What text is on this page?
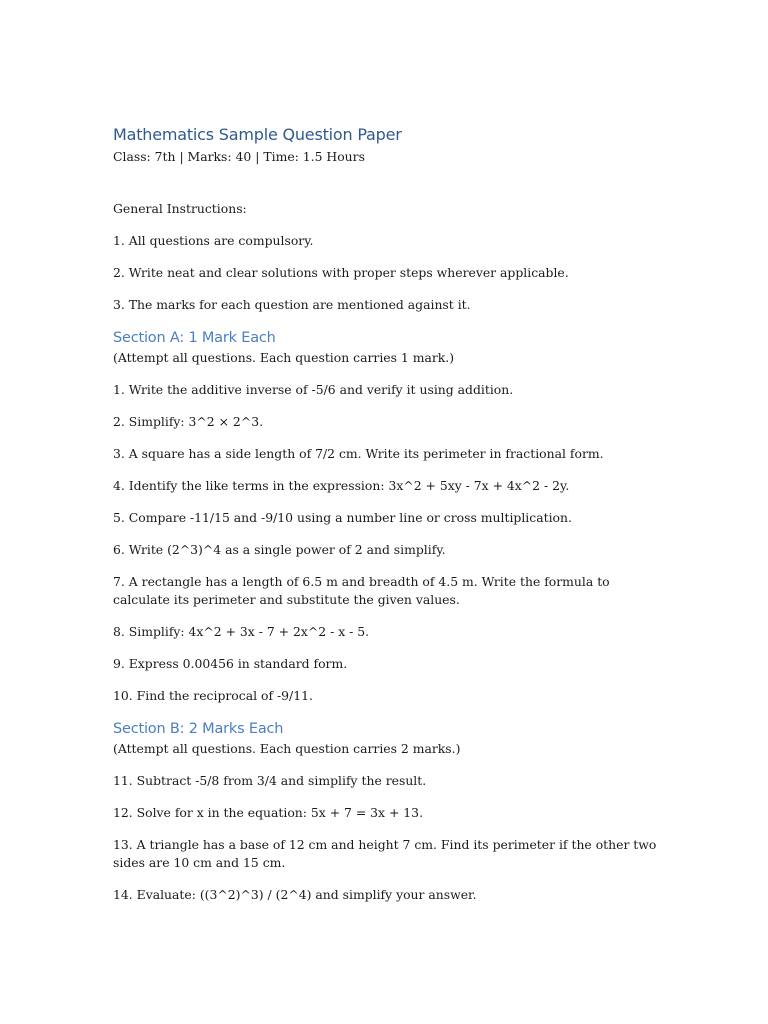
Mathematics Sample Question Paper

Class: 7th | Marks: 40 | Time: 1.5 Hours

General Instructions:

1. All questions are compulsory.

2. Write neat and clear solutions with proper steps wherever applicable.

3. The marks for each question are mentioned against it.

Section A: 1 Mark Each

(Attempt all questions. Each question carries 1 mark.)

1. Write the additive inverse of -5/6 and verify it using addition.

2. Simplify: 3^2 × 2^3.

3. A square has a side length of 7/2 cm. Write its perimeter in fractional form.

4. Identify the like terms in the expression: 3x^2 + 5xy - 7x + 4x^2 - 2y.

5. Compare -11/15 and -9/10 using a number line or cross multiplication.

6. Write (2^3)^4 as a single power of 2 and simplify.

7. A rectangle has a length of 6.5 m and breadth of 4.5 m. Write the formula to calculate its perimeter and substitute the given values.

8. Simplify: 4x^2 + 3x - 7 + 2x^2 - x - 5.

9. Express 0.00456 in standard form.

10. Find the reciprocal of -9/11.

Section B: 2 Marks Each

(Attempt all questions. Each question carries 2 marks.)

11. Subtract -5/8 from 3/4 and simplify the result.

12. Solve for x in the equation: 5x + 7 = 3x + 13.

13. A triangle has a base of 12 cm and height 7 cm. Find its perimeter if the other two sides are 10 cm and 15 cm.

14. Evaluate: ((3^2)^3) / (2^4) and simplify your answer.
